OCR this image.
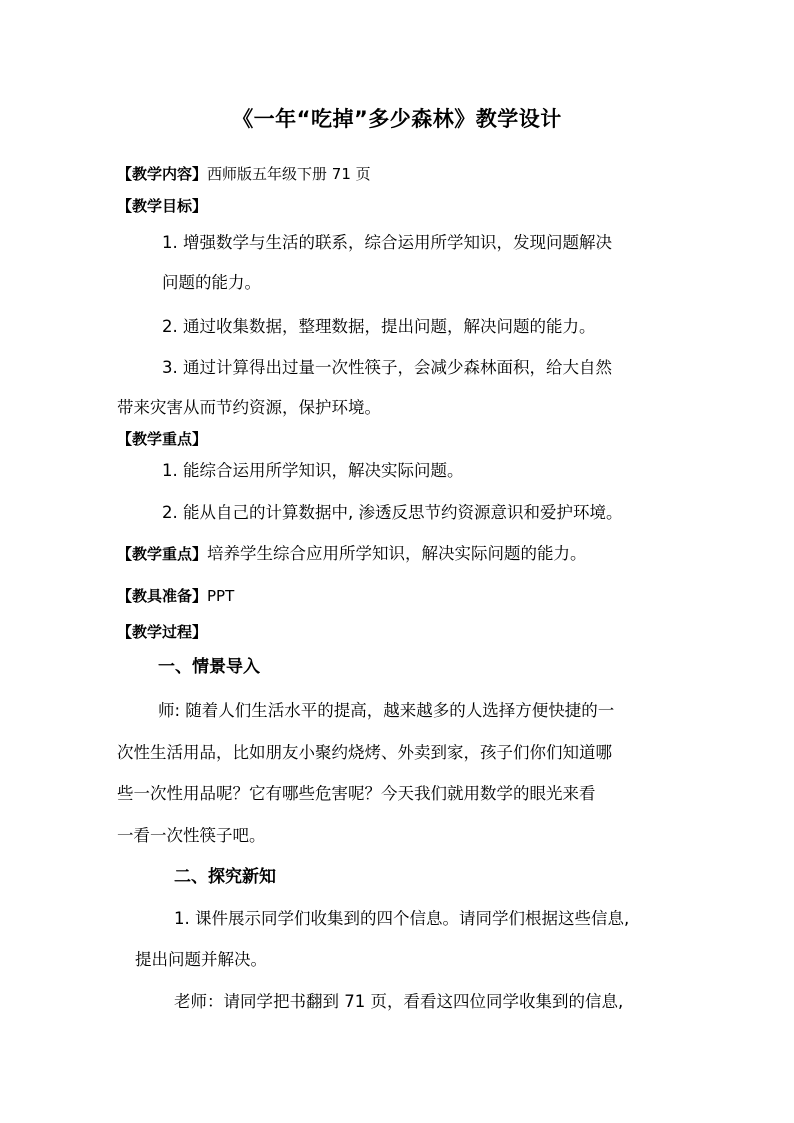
《一年“吃掉”多少森林》教学设计
【教学内容】西师版五年级下册 71 页
【教学目标】
1. 增强数学与生活的联系，综合运用所学知识，发现问题解决
问题的能力。
2. 通过收集数据，整理数据，提出问题，解决问题的能力。
3. 通过计算得出过量一次性筷子，会减少森林面积，给大自然
带来灾害从而节约资源，保护环境。
【教学重点】
1. 能综合运用所学知识，解决实际问题。
2. 能从自己的计算数据中, 渗透反思节约资源意识和爱护环境。
【教学重点】培养学生综合应用所学知识，解决实际问题的能力。
【教具准备】PPT
【教学过程】
一、情景导入
师: 随着人们生活水平的提高，越来越多的人选择方便快捷的一
次性生活用品，比如朋友小聚约烧烤、外卖到家，孩子们你们知道哪
些一次性用品呢？它有哪些危害呢？今天我们就用数学的眼光来看
一看一次性筷子吧。
二、探究新知
1. 课件展示同学们收集到的四个信息。请同学们根据这些信息,
提出问题并解决。
老师：请同学把书翻到 71 页，看看这四位同学收集到的信息,
